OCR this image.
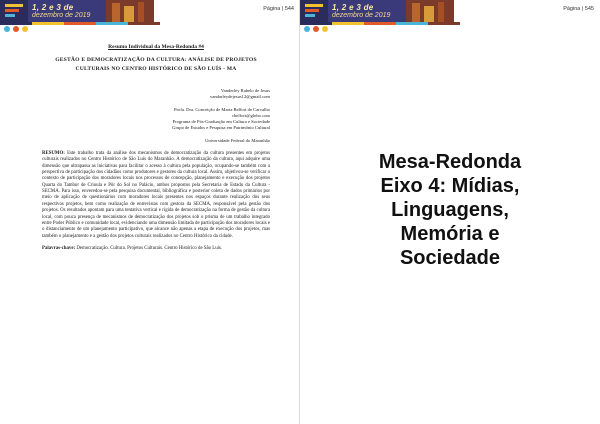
1, 2 e 3 de
dezembro de 2019
Página | 544
Resumo Individual da Mesa-Redonda #4
GESTÃO E DEMOCRATIZAÇÃO DA CULTURA: ANÁLISE DE PROJETOS
CULTURAIS NO CENTRO HISTÓRICO DE SÃO LUÍS - MA

Vanderley Rabelo de Jesus

vandarleydejesus12@gmail.com

Profa. Dra. Conceição de Maria Belfort de Carvalho

cbelfort@globo.com

Programa de Pós-Graduação em Cultura e Sociedade

Grupo de Estudos e Pesquisa em Patrimônio Cultural

Universidade Federal do Maranhão

RESUMO: Este trabalho trata da análise dos mecanismos de democratização da cultura presentes em projetos culturais realizados no Centro Histórico de São Luís do Maranhão. A democratização da cultura, aqui adquire uma dimensão que ultrapassa as iniciativas para facilitar o acesso à cultura pela população, ocupando-se também com a perspectiva de participação dos cidadãos como produtores e gestores da cultura local. Assim, objetivou-se verificar o contexto de participação dos moradores locais nos processos de concepção, planejamento e execução dos projetos Quarta do Tambor de Crioula e Pôr do Sol no Palácio, ambos propostos pela Secretaria de Estado da Cultura - SECMA. Para isso, enveredou-se pela pesquisa documental, bibliográfica e posterior coleta de dados primários por meio de aplicação de questionários com moradores locais presentes nos espaços durante realização dos seus respectivos projetos, bem como realização de entrevistas com gestora da SECMA, responsável pela gestão dos projetos. Os resultados apontam para uma tentativa vertical e rígida de democratização na forma de gestão da cultura local, com pouca presença de mecanismos de democratização dos projetos sob o prisma de um trabalho integrado entre Poder Público e comunidade local, evidenciando uma dimensão limitada de participação dos moradores locais e o distanciamento de um planejamento participativo, que alcance não apenas a etapa de execução dos projetos, mas também o planejamento e a gestão dos projetos culturais realizados no Centro Histórico da cidade.
Palavras-chave: Democratização. Cultura. Projetos Culturais. Centro Histórico de São Luís.
1, 2 e 3 de
dezembro de 2019
Página | 545

Mesa-Redonda

Eixo 4: Mídias,

Linguagens,

Memória e

Sociedade
